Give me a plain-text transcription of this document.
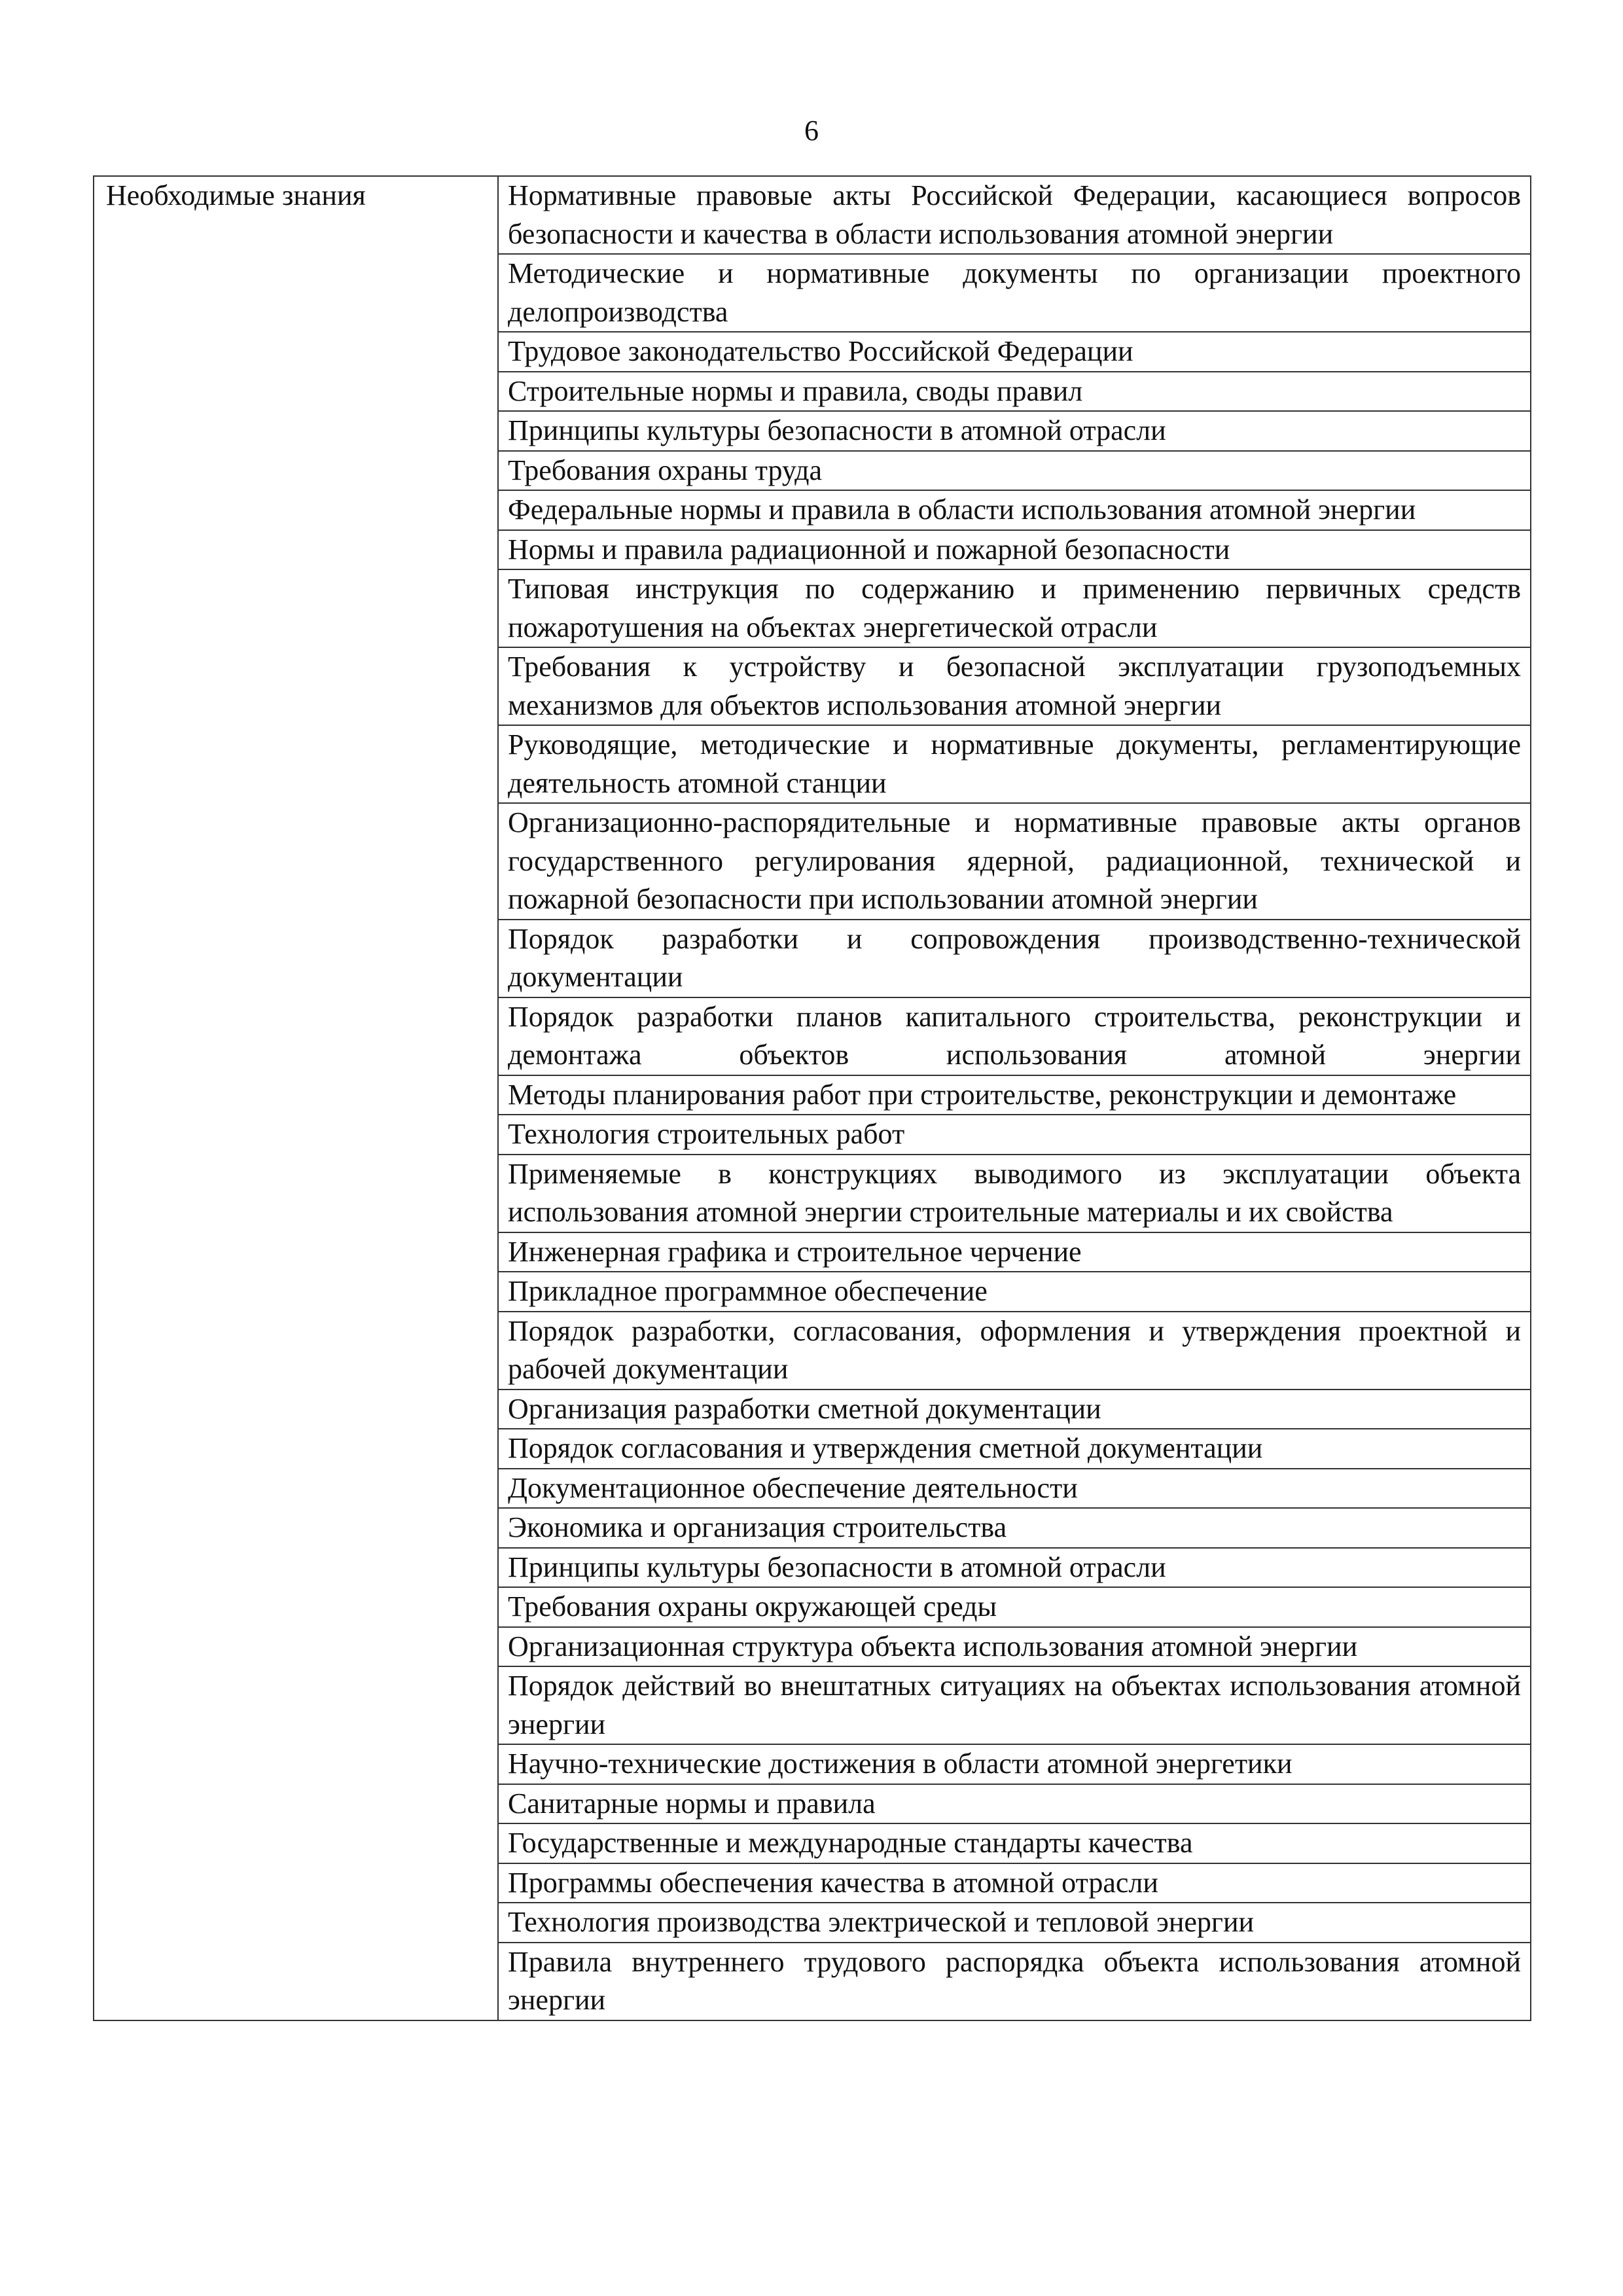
6
Необходимые знания	Нормативные правовые акты Российской Федерации, касающиеся вопросов безопасности и качества в области использования атомной энергии

Методические и нормативные документы по организации проектного делопроизводства

Трудовое законодательство Российской Федерации

Строительные нормы и правила, своды правил

Принципы культуры безопасности в атомной отрасли

Требования охраны труда

Федеральные нормы и правила в области использования атомной энергии

Нормы и правила радиационной и пожарной безопасности

Типовая инструкция по содержанию и применению первичных средств пожаротушения на объектах энергетической отрасли

Требования к устройству и безопасной эксплуатации грузоподъемных механизмов для объектов использования атомной энергии

Руководящие, методические и нормативные документы, регламентирующие деятельность атомной станции

Организационно-распорядительные и нормативные правовые акты органов государственного регулирования ядерной, радиационной, технической и пожарной безопасности при использовании атомной энергии

Порядок разработки и сопровождения производственно-технической документации

Порядок разработки планов капитального строительства, реконструкции и демонтажа объектов использования атомной энергии

Методы планирования работ при строительстве, реконструкции и демонтаже

Технология строительных работ

Применяемые в конструкциях выводимого из эксплуатации объекта использования атомной энергии строительные материалы и их свойства

Инженерная графика и строительное черчение

Прикладное программное обеспечение

Порядок разработки, согласования, оформления и утверждения проектной и рабочей документации

Организация разработки сметной документации

Порядок согласования и утверждения сметной документации

Документационное обеспечение деятельности

Экономика и организация строительства

Принципы культуры безопасности в атомной отрасли

Требования охраны окружающей среды

Организационная структура объекта использования атомной энергии

Порядок действий во внештатных ситуациях на объектах использования атомной энергии

Научно-технические достижения в области атомной энергетики

Санитарные нормы и правила

Государственные и международные стандарты качества

Программы обеспечения качества в атомной отрасли

Технология производства электрической и тепловой энергии

Правила внутреннего трудового распорядка объекта использования атомной энергии
